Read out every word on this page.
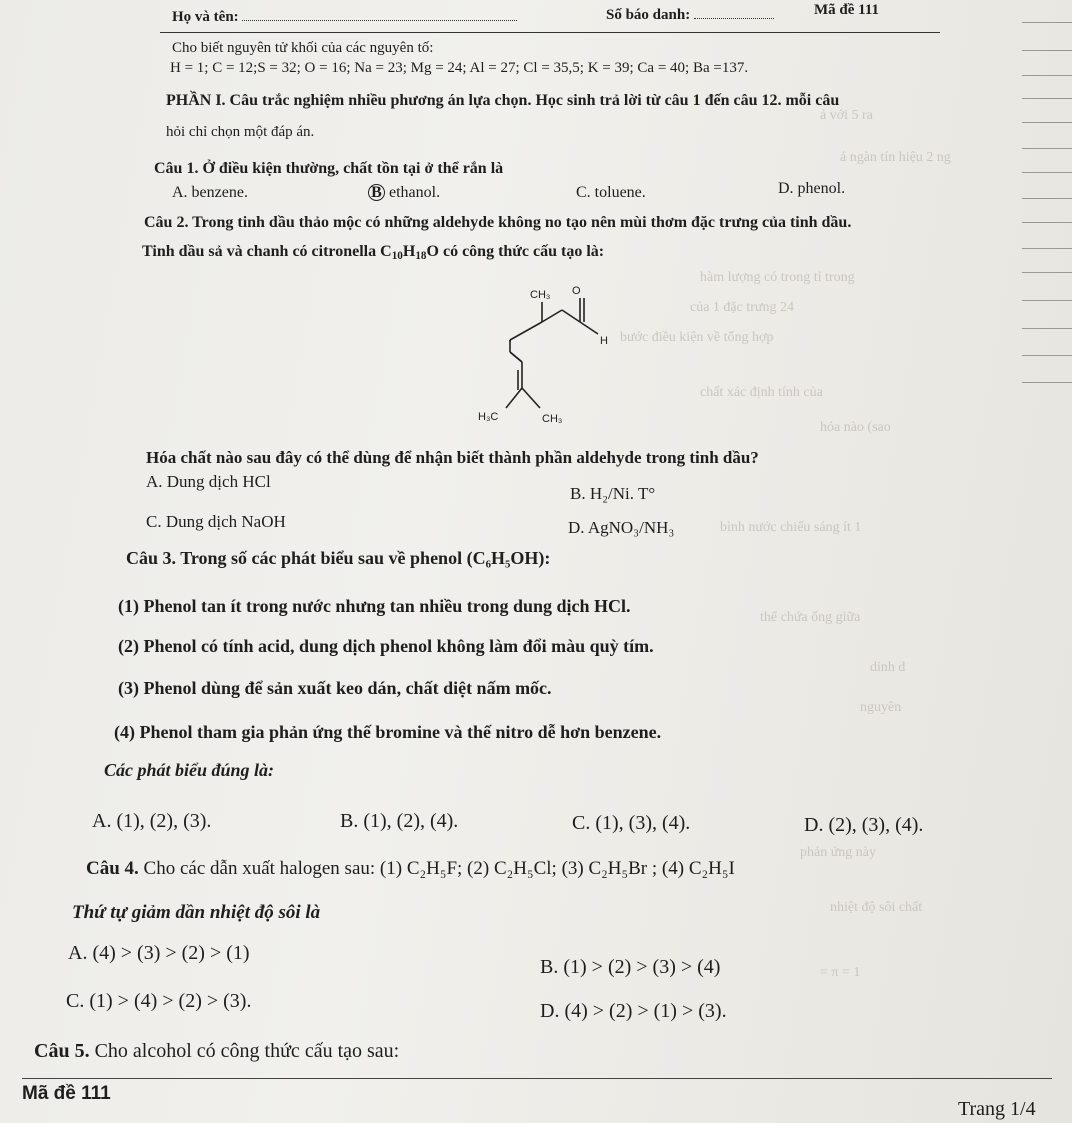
ả với 5 ra
á ngàn tín hiệu 2 ng
hàm lượng có trong tỉ trong
của 1 đặc trưng 24
bước điều kiện về tổng hợp
chất xác định tính của
hóa nào (sao
bình nước chiếu sáng ít 1
thể chứa ống giữa
dinh d
nguyên
phản ứng này
nhiệt độ sôi chất
= π = 1
Họ và tên:	Số báo danh:	Mã đề 111
Cho biết nguyên tử khối của các nguyên tố:
H = 1; C = 12;S = 32; O = 16; Na = 23; Mg = 24; Al = 27; Cl = 35,5; K = 39; Ca = 40; Ba =137.
PHẦN I. Câu trắc nghiệm nhiều phương án lựa chọn. Học sinh trả lời từ câu 1 đến câu 12. mỗi câu
hỏi chỉ chọn một đáp án.
Câu 1. Ở điều kiện thường, chất tồn tại ở thể rắn là
A. benzene.	B ethanol.	C. toluene.	D. phenol.
Câu 2. Trong tinh dầu thảo mộc có những aldehyde không no tạo nên mùi thơm đặc trưng của tinh dầu.
Tinh dầu sả và chanh có citronella $C_{10}H_{18}O$ có công thức cấu tạo là:
CH₃ O
H
H₃C	CH₃
Hóa chất nào sau đây có thể dùng để nhận biết thành phần aldehyde trong tinh dầu?
A. Dung dịch HCl
B. H₂/Ni. T°
C. Dung dịch NaOH	D. AgNO₃/NH₃
Câu 3. Trong số các phát biểu sau về phenol (C₆H₅OH):
(1) Phenol tan ít trong nước nhưng tan nhiều trong dung dịch HCl.
(2) Phenol có tính acid, dung dịch phenol không làm đổi màu quỳ tím.
(3) Phenol dùng để sản xuất keo dán, chất diệt nấm mốc.
(4) Phenol tham gia phản ứng thế bromine và thế nitro dễ hơn benzene.
Các phát biểu đúng là:
A. (1), (2), (3).	B. (1), (2), (4).	C. (1), (3), (4).	D. (2), (3), (4).
Câu 4. Cho các dẫn xuất halogen sau: (1) C₂H₅F; (2) C₂H₅Cl; (3) C₂H₅Br ; (4) C₂H₅I
Thứ tự giảm dần nhiệt độ sôi là
A. (4) > (3) > (2) > (1)
B. (1) > (2) > (3) > (4)
C. (1) > (4) > (2) > (3).	D. (4) > (2) > (1) > (3).
Câu 5. Cho alcohol có công thức cấu tạo sau:
Mã đề 111
Trang 1/4
